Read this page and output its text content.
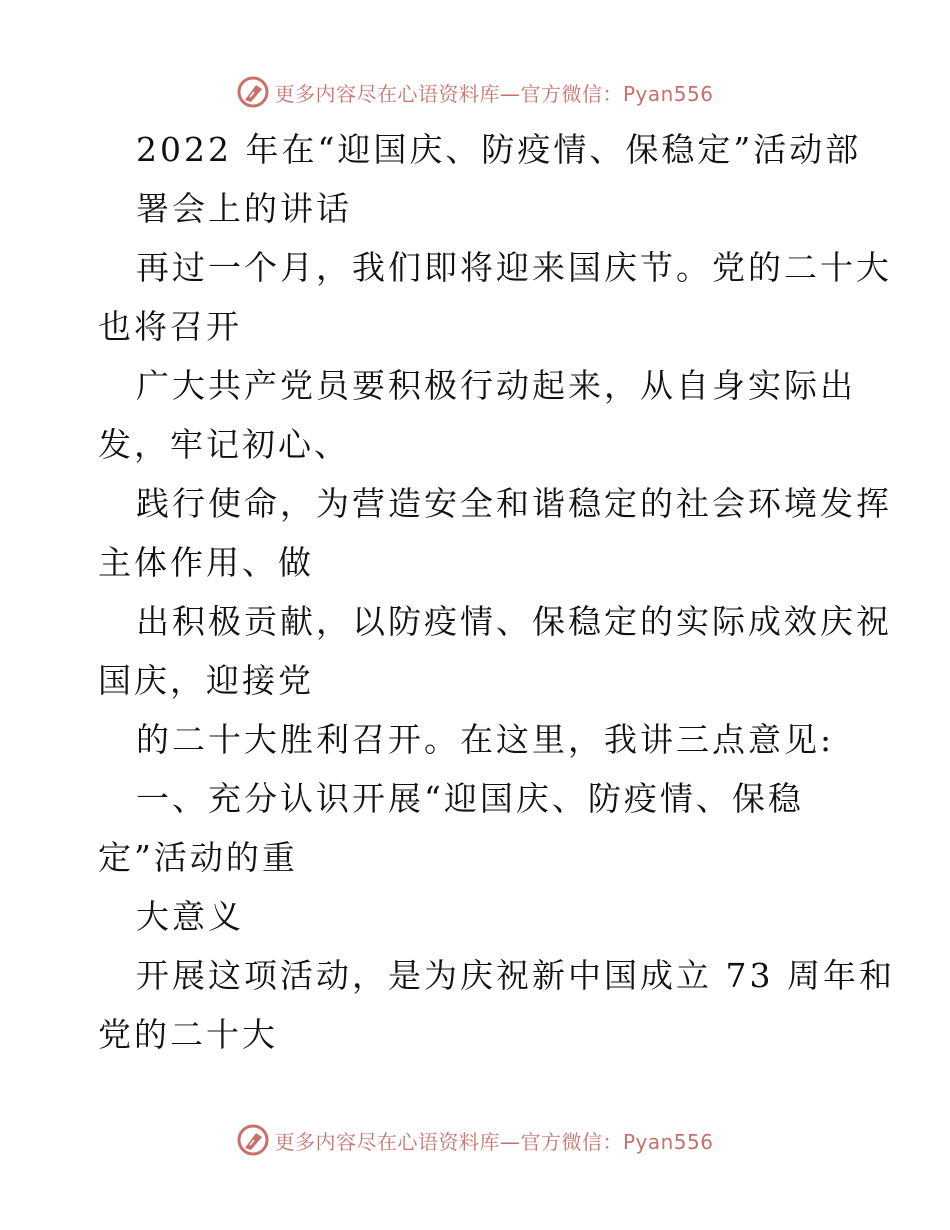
更多内容尽在心语资料库—官方微信：Pyan556
2022 年在“迎国庆、防疫情、保稳定”活动部
署会上的讲话
再过一个月，我们即将迎来国庆节。党的二十大
也将召开
广大共产党员要积极行动起来，从自身实际出
发，牢记初心、
践行使命，为营造安全和谐稳定的社会环境发挥
主体作用、做
出积极贡献，以防疫情、保稳定的实际成效庆祝
国庆，迎接党
的二十大胜利召开。在这里，我讲三点意见:
一、充分认识开展“迎国庆、防疫情、保稳
定”活动的重
大意义
开展这项活动，是为庆祝新中国成立 73 周年和
党的二十大
更多内容尽在心语资料库—官方微信：Pyan556
